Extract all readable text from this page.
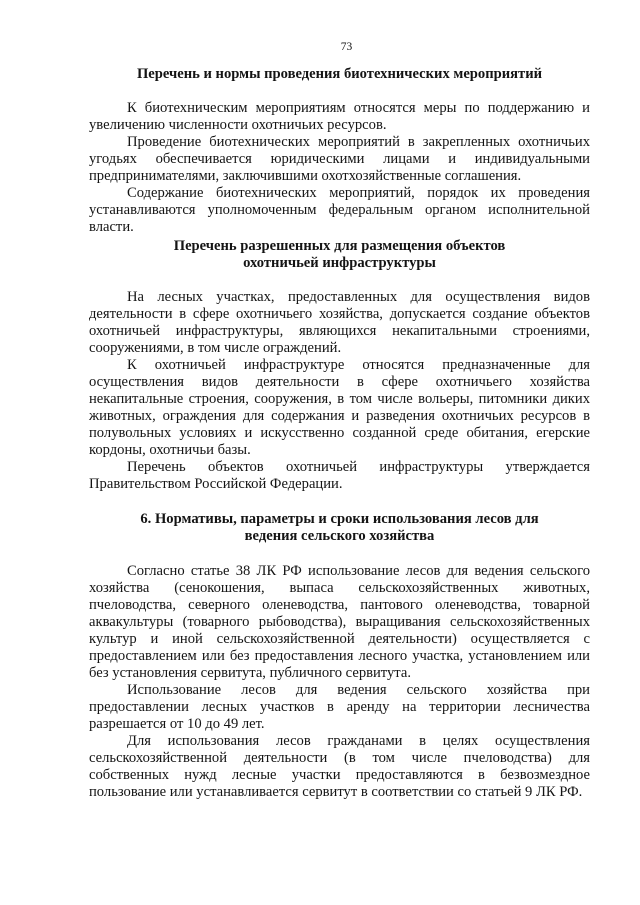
73
Перечень и нормы проведения биотехнических мероприятий

К биотехническим мероприятиям относятся меры по поддержанию и увеличению численности охотничьих ресурсов.

Проведение биотехнических мероприятий в закрепленных охотничьих угодьях обеспечивается юридическими лицами и индивидуальными предпринимателями, заключившими охотхозяйственные соглашения.

Содержание биотехнических мероприятий, порядок их проведения устанавливаются уполномоченным федеральным органом исполнительной власти.

Перечень разрешенных для размещения объектов
охотничьей инфраструктуры

На лесных участках, предоставленных для осуществления видов деятельности в сфере охотничьего хозяйства, допускается создание объектов охотничьей инфраструктуры, являющихся некапитальными строениями, сооружениями, в том числе ограждений.

К охотничьей инфраструктуре относятся предназначенные для осуществления видов деятельности в сфере охотничьего хозяйства некапитальные строения, сооружения, в том числе вольеры, питомники диких животных, ограждения для содержания и разведения охотничьих ресурсов в полувольных условиях и искусственно созданной среде обитания, егерские кордоны, охотничьи базы.

Перечень объектов охотничьей инфраструктуры утверждается Правительством Российской Федерации.

6. Нормативы, параметры и сроки использования лесов для
ведения сельского хозяйства

Согласно статье 38 ЛК РФ использование лесов для ведения сельского хозяйства (сенокошения, выпаса сельскохозяйственных животных, пчеловодства, северного оленеводства, пантового оленеводства, товарной аквакультуры (товарного рыбоводства), выращивания сельскохозяйственных культур и иной сельскохозяйственной деятельности) осуществляется с предоставлением или без предоставления лесного участка, установлением или без установления сервитута, публичного сервитута.

Использование лесов для ведения сельского хозяйства при предоставлении лесных участков в аренду на территории лесничества разрешается от 10 до 49 лет.

Для использования лесов гражданами в целях осуществления сельскохозяйственной деятельности (в том числе пчеловодства) для собственных нужд лесные участки предоставляются в безвозмездное пользование или устанавливается сервитут в соответствии со статьей 9 ЛК РФ.
